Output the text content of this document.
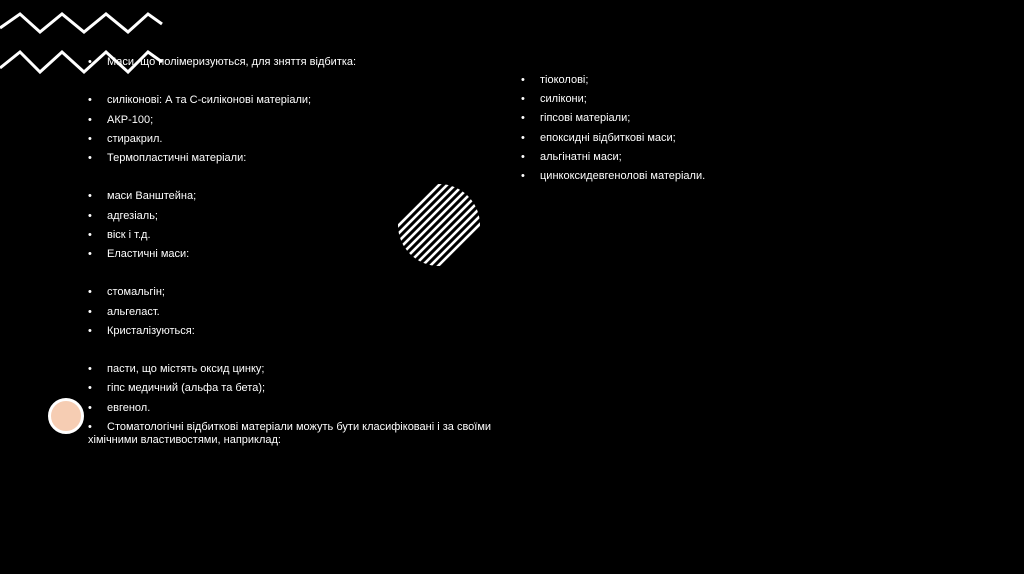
• Маси, що полімеризуються, для зняття відбитка:
• силіконові: А та С-силіконові матеріали;
• АКР-100;
• стиракрил.
• Термопластичні матеріали:
• маси Ванштейна;
• адгезіаль;
• віск і т.д.
• Еластичні маси:
• стомальгін;
• альгеласт.
• Кристалізуються:
• пасти, що містять оксид цинку;
• гіпс медичний (альфа та бета);
• евгенол.
•	Стоматологічні відбиткові матеріали можуть бути класифіковані і за своїми
хімічними властивостями, наприклад:
• тіоколові;
• силікони;
• гіпсові матеріали;
• епоксидні відбиткові маси;
• альгінатні маси;
• цинкоксидевгенолові матеріали.
